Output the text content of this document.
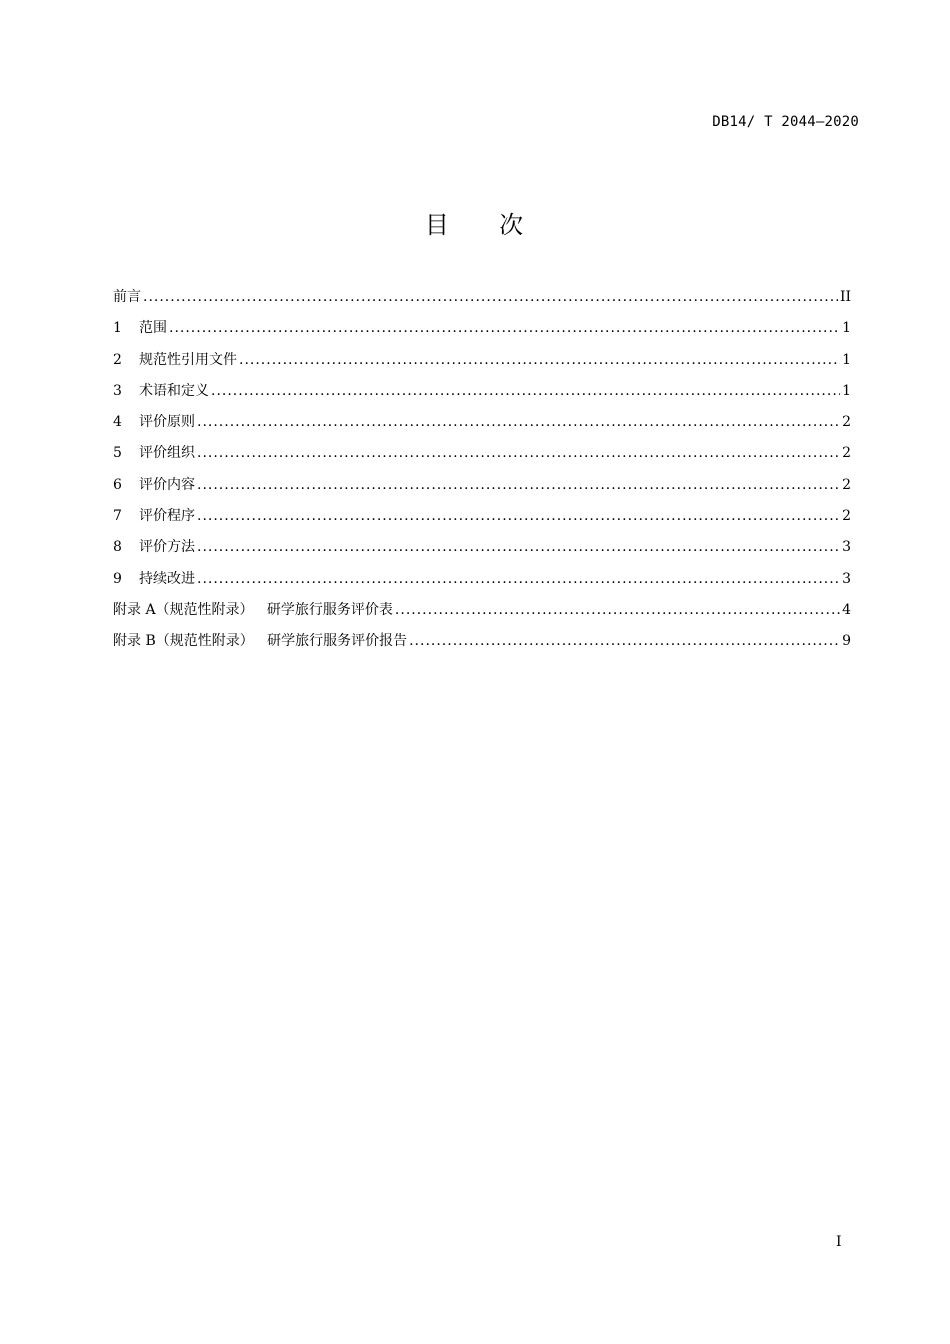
DB14/ T 2044—2020
目     次
前言 .....	II
1	范围 .....	1
2	规范性引用文件 .....	1
3	术语和定义 .....	1
4	评价原则 .....	2
5	评价组织 .....	2
6	评价内容 .....	2
7	评价程序 .....	2
8	评价方法 .....	3
9	持续改进 .....	3
附录 A（规范性附录）   研学旅行服务评价表 .....	4
附录 B（规范性附录）   研学旅行服务评价报告 .....	9
I
